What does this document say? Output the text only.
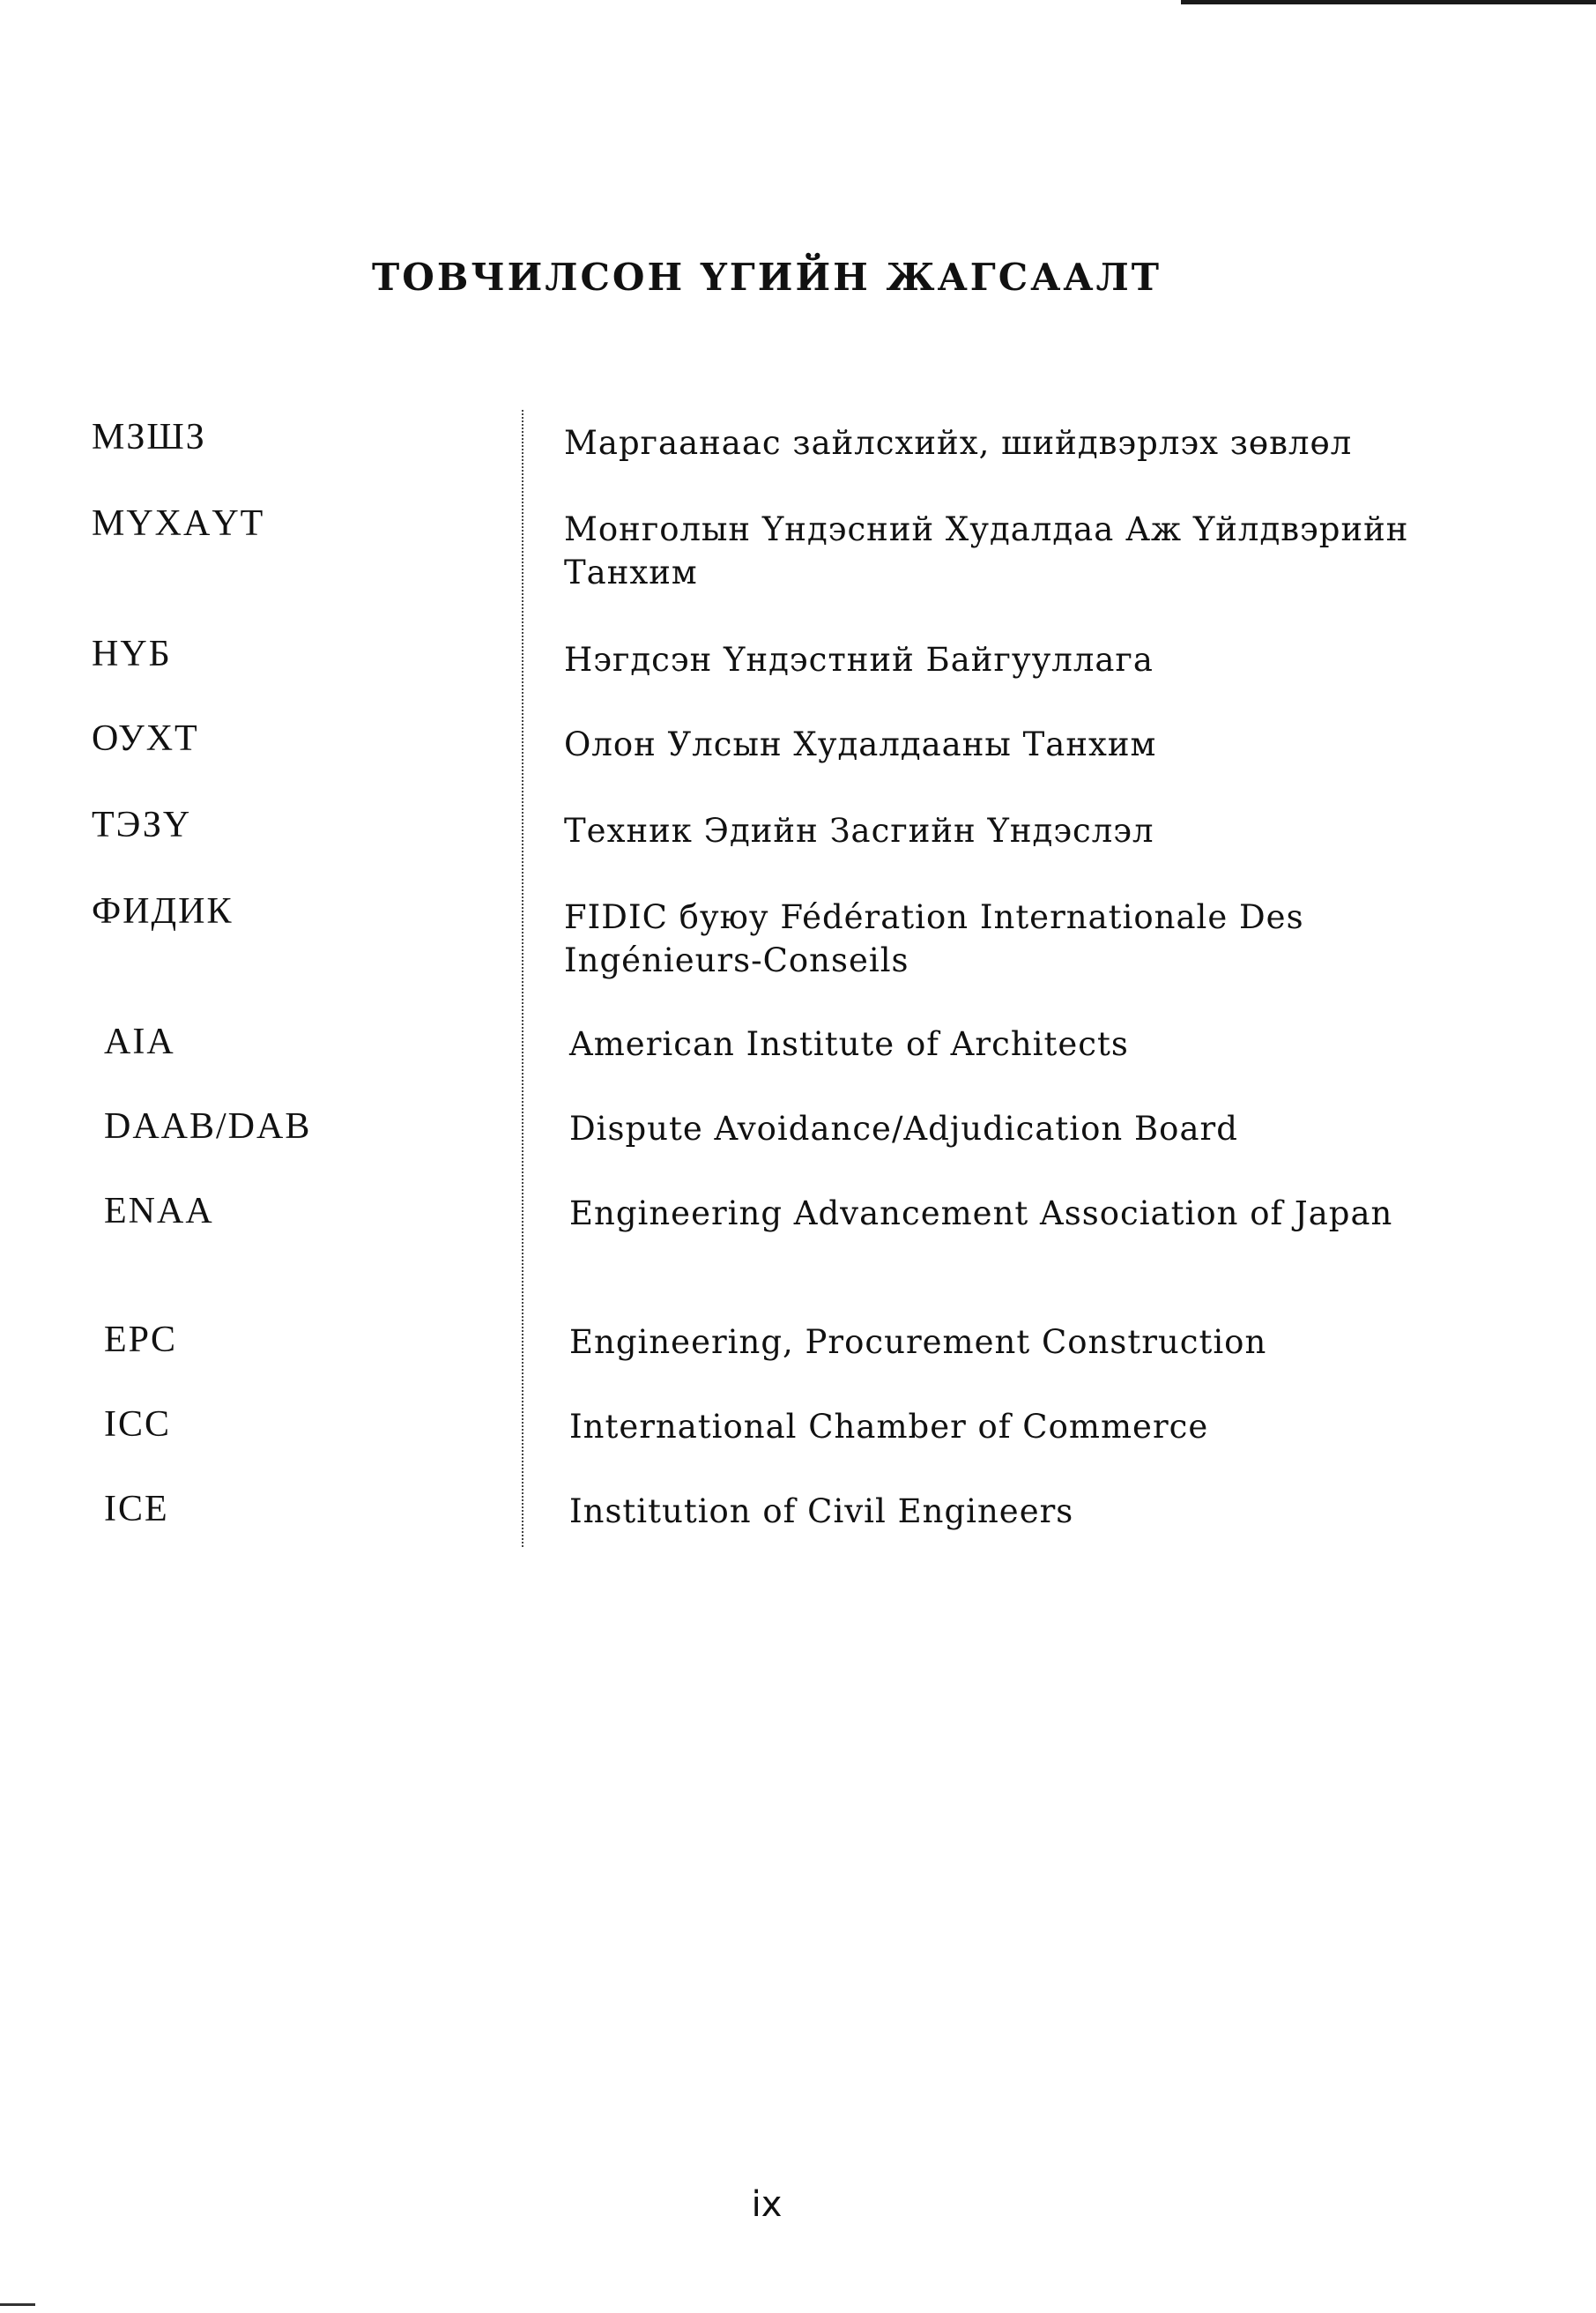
ТОВЧИЛСОН ҮГИЙН ЖАГСААЛТ
МЗШЗ	Маргаанаас зайлсхийх, шийдвэрлэх зөвлөл
МҮХАҮТ	Монголын Үндэсний Худалдаа Аж Үйлдвэрийн Танхим
НҮБ	Нэгдсэн Үндэстний Байгууллага
ОУХТ	Олон Улсын Худалдааны Танхим
ТЭЗҮ	Техник Эдийн Засгийн Үндэслэл
ФИДИК	FIDIC буюу Fédération Internationale Des Ingénieurs-Conseils
AIA	American Institute of Architects
DAAB/DAB	Dispute Avoidance/Adjudication Board
ENAA	Engineering Advancement Association of Japan
EPC	Engineering, Procurement Construction
ICC	International Chamber of Commerce
ICE	Institution of Civil Engineers
ix
